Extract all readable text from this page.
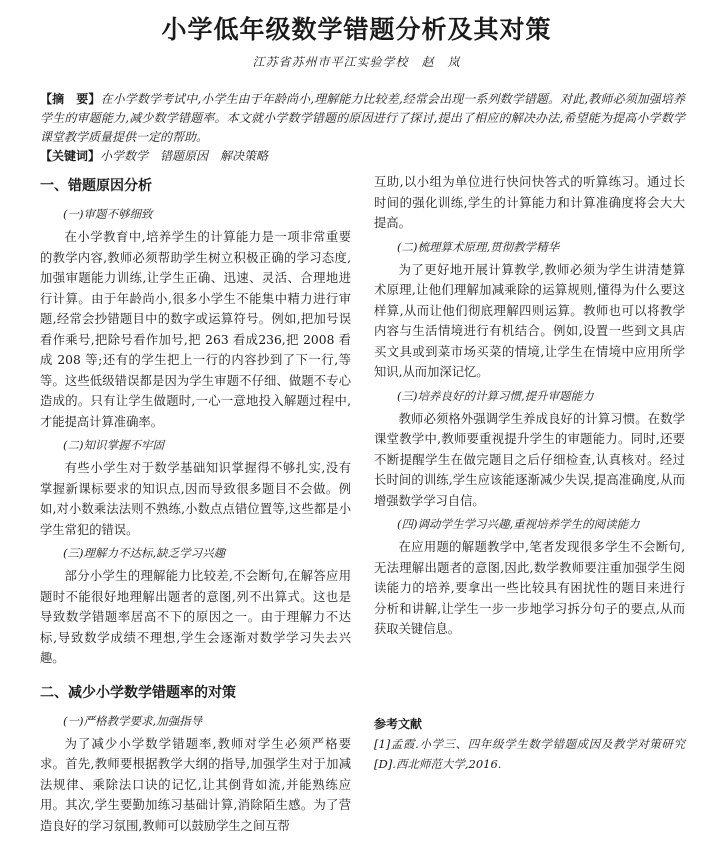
小学低年级数学错题分析及其对策
江苏省苏州市平江实验学校　赵　岚

【摘　要】在小学数学考试中,小学生由于年龄尚小,理解能力比较差,经常会出现一系列数学错题。对此,教师必须加强培养学生的审题能力,减少数学错题率。本文就小学数学错题的原因进行了探讨,提出了相应的解决办法,希望能为提高小学数学课堂教学质量提供一定的帮助。

【关键词】小学数学　错题原因　解决策略

一、错题原因分析
(一)审题不够细致

在小学教育中,培养学生的计算能力是一项非常重要的教学内容,教师必须帮助学生树立积极正确的学习态度,加强审题能力训练,让学生正确、迅速、灵活、合理地进行计算。由于年龄尚小,很多小学生不能集中精力进行审题,经常会抄错题目中的数字或运算符号。例如,把加号误看作乘号,把除号看作加号,把 263 看成236,把 2008 看成 208 等;还有的学生把上一行的内容抄到了下一行,等等。这些低级错误都是因为学生审题不仔细、做题不专心造成的。只有让学生做题时,一心一意地投入解题过程中,才能提高计算准确率。

(二)知识掌握不牢固

有些小学生对于数学基础知识掌握得不够扎实,没有掌握新课标要求的知识点,因而导致很多题目不会做。例如,对小数乘法法则不熟练,小数点点错位置等,这些都是小学生常犯的错误。

(三)理解力不达标,缺乏学习兴趣

部分小学生的理解能力比较差,不会断句,在解答应用题时不能很好地理解出题者的意图,列不出算式。这也是导致数学错题率居高不下的原因之一。由于理解力不达标,导致数学成绩不理想,学生会逐渐对数学学习失去兴趣。

二、减少小学数学错题率的对策
(一)严格教学要求,加强指导

为了减少小学数学错题率,教师对学生必须严格要求。首先,教师要根据教学大纲的指导,加强学生对于加减法规律、乘除法口诀的记忆,让其倒背如流,并能熟练应用。其次,学生要勤加练习基础计算,消除陌生感。为了营造良好的学习氛围,教师可以鼓励学生之间互帮

互助,以小组为单位进行快问快答式的听算练习。通过长时间的强化训练,学生的计算能力和计算准确度将会大大提高。

(二)梳理算术原理,贯彻教学精华

为了更好地开展计算教学,教师必须为学生讲清楚算术原理,让他们理解加减乘除的运算规则,懂得为什么要这样算,从而让他们彻底理解四则运算。教师也可以将教学内容与生活情境进行有机结合。例如,设置一些到文具店买文具或到菜市场买菜的情境,让学生在情境中应用所学知识,从而加深记忆。

(三)培养良好的计算习惯,提升审题能力

教师必须格外强调学生养成良好的计算习惯。在数学课堂教学中,教师要重视提升学生的审题能力。同时,还要不断提醒学生在做完题目之后仔细检查,认真核对。经过长时间的训练,学生应该能逐渐减少失误,提高准确度,从而增强数学学习自信。

(四)调动学生学习兴趣,重视培养学生的阅读能力

在应用题的解题教学中,笔者发现很多学生不会断句,无法理解出题者的意图,因此,数学教师要注重加强学生阅读能力的培养,要拿出一些比较具有困扰性的题目来进行分析和讲解,让学生一步一步地学习拆分句子的要点,从而获取关键信息。

参考文献

[1]孟霞.小学三、四年级学生数学错题成因及教学对策研究[D].西北师范大学,2016.
